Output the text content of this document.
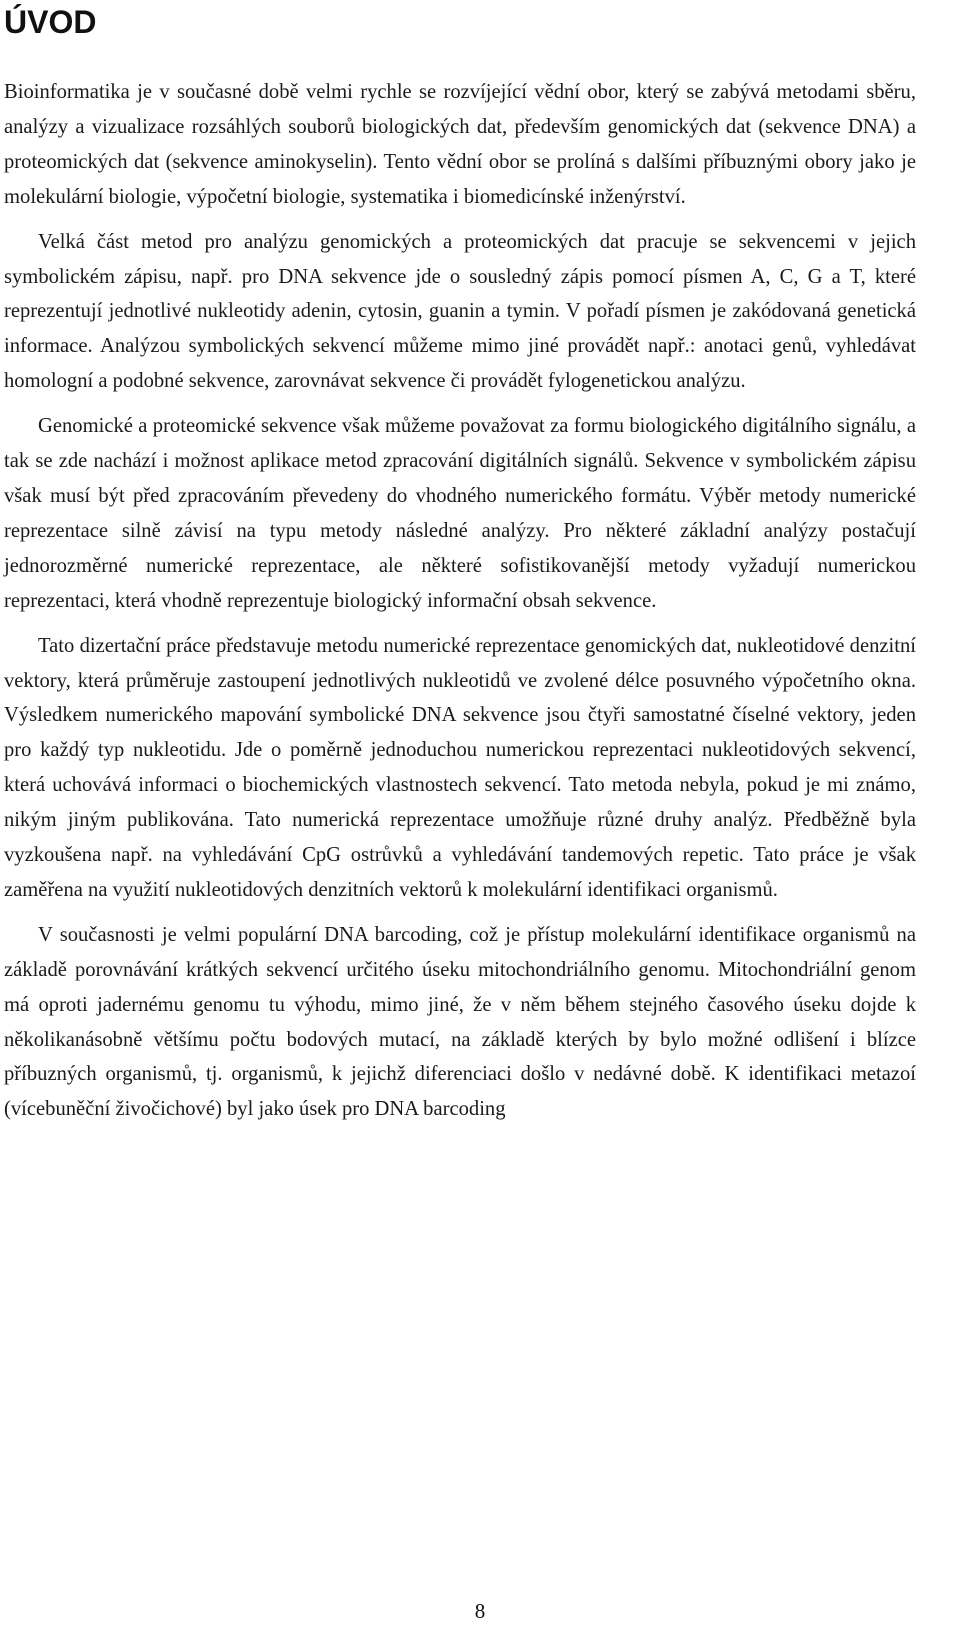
ÚVOD

Bioinformatika je v současné době velmi rychle se rozvíjející vědní obor, který se zabývá metodami sběru, analýzy a vizualizace rozsáhlých souborů biologických dat, především genomických dat (sekvence DNA) a proteomických dat (sekvence aminokyselin). Tento vědní obor se prolíná s dalšími příbuznými obory jako je molekulární biologie, výpočetní biologie, systematika i biomedicínské inženýrství.

Velká část metod pro analýzu genomických a proteomických dat pracuje se sekvencemi v jejich symbolickém zápisu, např. pro DNA sekvence jde o sousledný zápis pomocí písmen A, C, G a T, které reprezentují jednotlivé nukleotidy adenin, cytosin, guanin a tymin. V pořadí písmen je zakódovaná genetická informace. Analýzou symbolických sekvencí můžeme mimo jiné provádět např.: anotaci genů, vyhledávat homologní a podobné sekvence, zarovnávat sekvence či provádět fylogenetickou analýzu.

Genomické a proteomické sekvence však můžeme považovat za formu biologického digitálního signálu, a tak se zde nachází i možnost aplikace metod zpracování digitálních signálů. Sekvence v symbolickém zápisu však musí být před zpracováním převedeny do vhodného numerického formátu. Výběr metody numerické reprezentace silně závisí na typu metody následné analýzy. Pro některé základní analýzy postačují jednorozměrné numerické reprezentace, ale některé sofistikovanější metody vyžadují numerickou reprezentaci, která vhodně reprezentuje biologický informační obsah sekvence.

Tato dizertační práce představuje metodu numerické reprezentace genomických dat, nukleotidové denzitní vektory, která průměruje zastoupení jednotlivých nukleotidů ve zvolené délce posuvného výpočetního okna. Výsledkem numerického mapování symbolické DNA sekvence jsou čtyři samostatné číselné vektory, jeden pro každý typ nukleotidu. Jde o poměrně jednoduchou numerickou reprezentaci nukleotidových sekvencí, která uchovává informaci o biochemických vlastnostech sekvencí. Tato metoda nebyla, pokud je mi známo, nikým jiným publikována. Tato numerická reprezentace umožňuje různé druhy analýz. Předběžně byla vyzkoušena např. na vyhledávání CpG ostrůvků a vyhledávání tandemových repetic. Tato práce je však zaměřena na využití nukleotidových denzitních vektorů k molekulární identifikaci organismů.

V současnosti je velmi populární DNA barcoding, což je přístup molekulární identifikace organismů na základě porovnávání krátkých sekvencí určitého úseku mitochondriálního genomu. Mitochondriální genom má oproti jadernému genomu tu výhodu, mimo jiné, že v něm během stejného časového úseku dojde k několikanásobně většímu počtu bodových mutací, na základě kterých by bylo možné odlišení i blízce příbuzných organismů, tj. organismů, k jejichž diferenciaci došlo v nedávné době. K identifikaci metazoí (vícebuněční živočichové) byl jako úsek pro DNA barcoding

8
